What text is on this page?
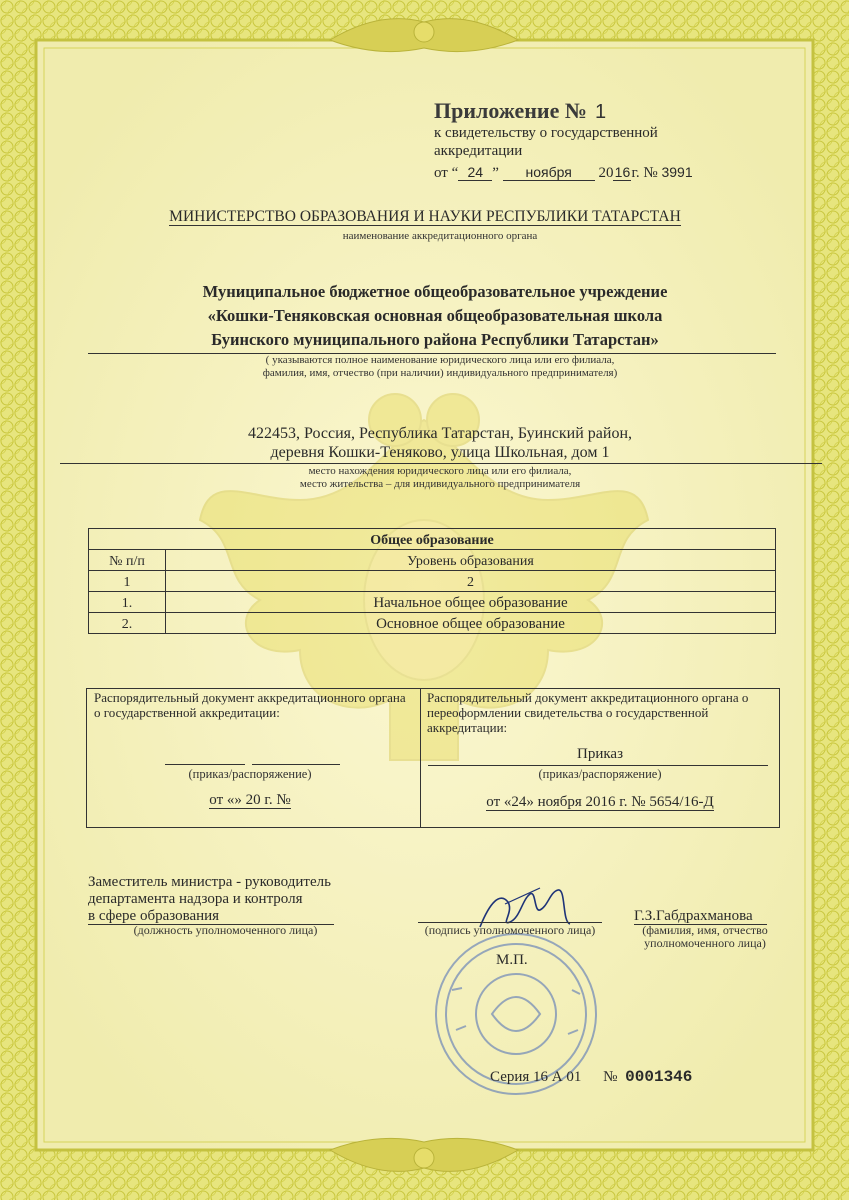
Приложение № 1
к свидетельству о государственной аккредитации
от “ 24 ” ноября 2016г. № 3991
МИНИСТЕРСТВО ОБРАЗОВАНИЯ И НАУКИ РЕСПУБЛИКИ ТАТАРСТАН
наименование аккредитационного органа
Муниципальное бюджетное общеобразовательное учреждение
«Кошки-Теняковская основная общеобразовательная школа
Буинского муниципального района Республики Татарстан»
( указываются полное наименование юридического лица или его филиала,
фамилия, имя, отчество (при наличии) индивидуального предпринимателя)
422453, Россия, Республика Татарстан, Буинский район,
деревня Кошки-Теняково, улица Школьная, дом 1
место нахождения юридического лица или его филиала,
место жительства – для индивидуального предпринимателя
Общее образование	
№ п/п	Уровень образования
1	2
1.	Начальное общее образование
2.	Основное общее образование
Распорядительный документ аккредитационного органа о государственной аккредитации:
(приказ/распоряжение)
от «» 20 г. №
Распорядительный документ аккредитационного органа о переоформлении свидетельства о государственной аккредитации:
Приказ
(приказ/распоряжение)
от «24» ноября 2016 г. № 5654/16-Д
Заместитель министра - руководитель
департамента надзора и контроля
в сфере образования
(должность уполномоченного лица)	(подпись уполномоченного лица)
Г.З.Габдрахманова
(фамилия, имя, отчество
уполномоченного лица)
М.П.
Серия 16 А 01 № 0001346
